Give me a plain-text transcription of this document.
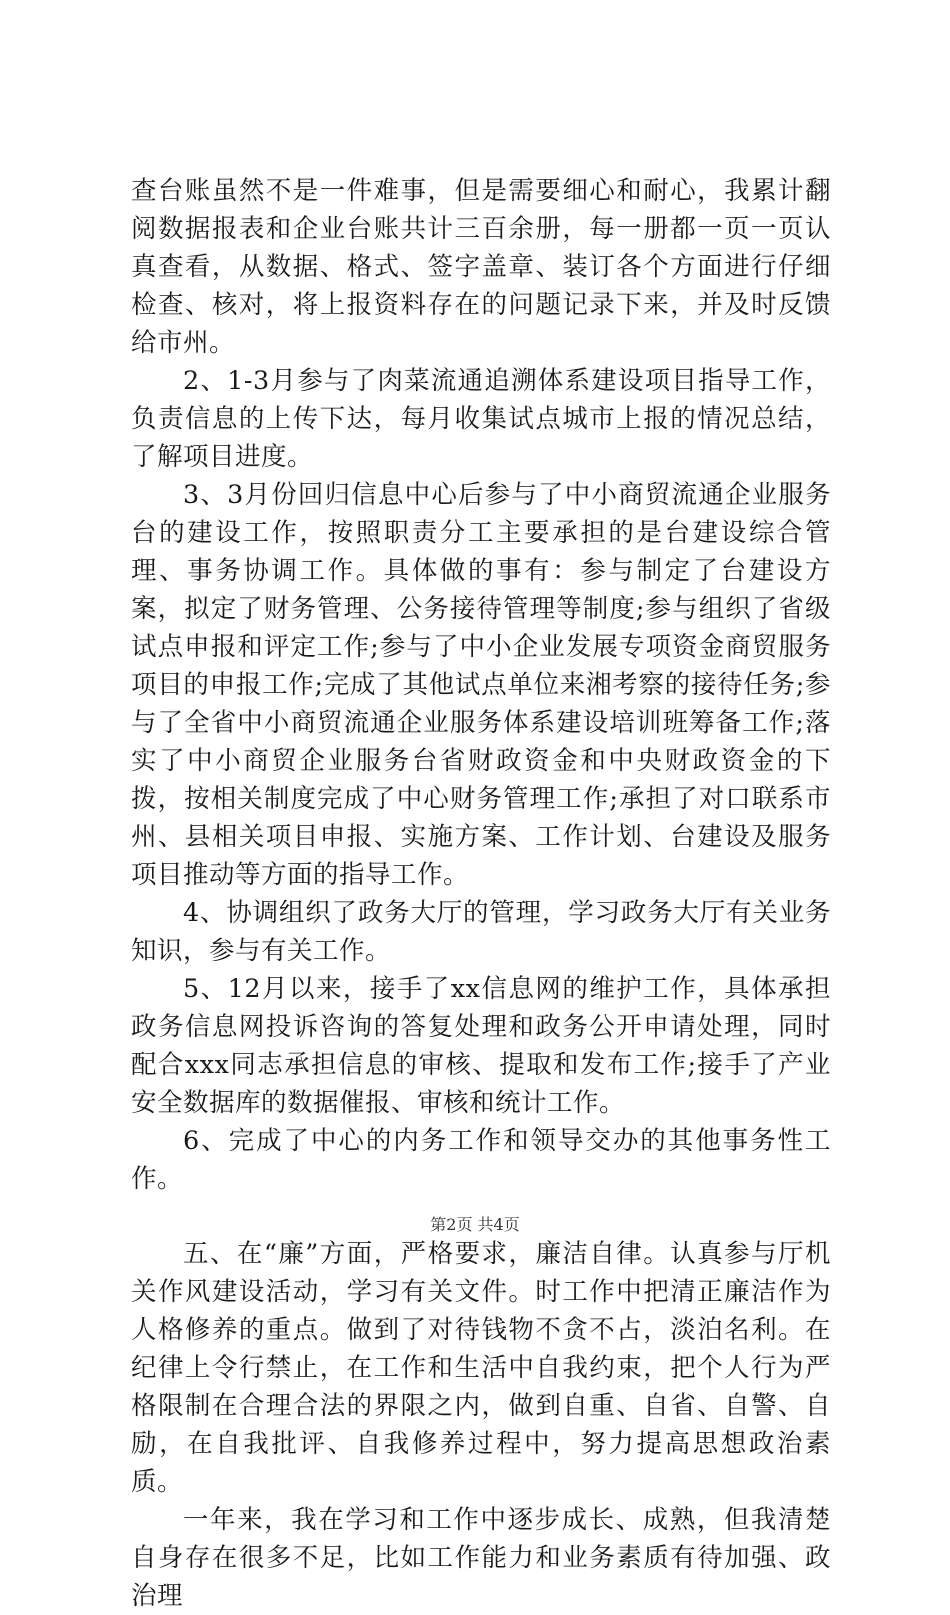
查台账虽然不是一件难事，但是需要细心和耐心，我累计翻阅数据报表和企业台账共计三百余册，每一册都一页一页认真查看，从数据、格式、签字盖章、装订各个方面进行仔细检查、核对，将上报资料存在的问题记录下来，并及时反馈给市州。

2、1-3月参与了肉菜流通追溯体系建设项目指导工作，负责信息的上传下达，每月收集试点城市上报的情况总结，了解项目进度。

3、3月份回归信息中心后参与了中小商贸流通企业服务台的建设工作，按照职责分工主要承担的是台建设综合管理、事务协调工作。具体做的事有：参与制定了台建设方案，拟定了财务管理、公务接待管理等制度;参与组织了省级试点申报和评定工作;参与了中小企业发展专项资金商贸服务项目的申报工作;完成了其他试点单位来湘考察的接待任务;参与了全省中小商贸流通企业服务体系建设培训班筹备工作;落实了中小商贸企业服务台省财政资金和中央财政资金的下拨，按相关制度完成了中心财务管理工作;承担了对口联系市州、县相关项目申报、实施方案、工作计划、台建设及服务项目推动等方面的指导工作。

4、协调组织了政务大厅的管理，学习政务大厅有关业务知识，参与有关工作。

5、12月以来，接手了xx信息网的维护工作，具体承担政务信息网投诉咨询的答复处理和政务公开申请处理，同时配合xxx同志承担信息的审核、提取和发布工作;接手了产业安全数据库的数据催报、审核和统计工作。

6、完成了中心的内务工作和领导交办的其他事务性工作。

五、在“廉”方面，严格要求，廉洁自律。认真参与厅机关作风建设活动，学习有关文件。时工作中把清正廉洁作为人格修养的重点。做到了对待钱物不贪不占，淡泊名利。在纪律上令行禁止，在工作和生活中自我约束，把个人行为严格限制在合理合法的界限之内，做到自重、自省、自警、自励，在自我批评、自我修养过程中，努力提高思想政治素质。

一年来，我在学习和工作中逐步成长、成熟，但我清楚自身存在很多不足，比如工作能力和业务素质有待加强、政治理

第2页 共4页
